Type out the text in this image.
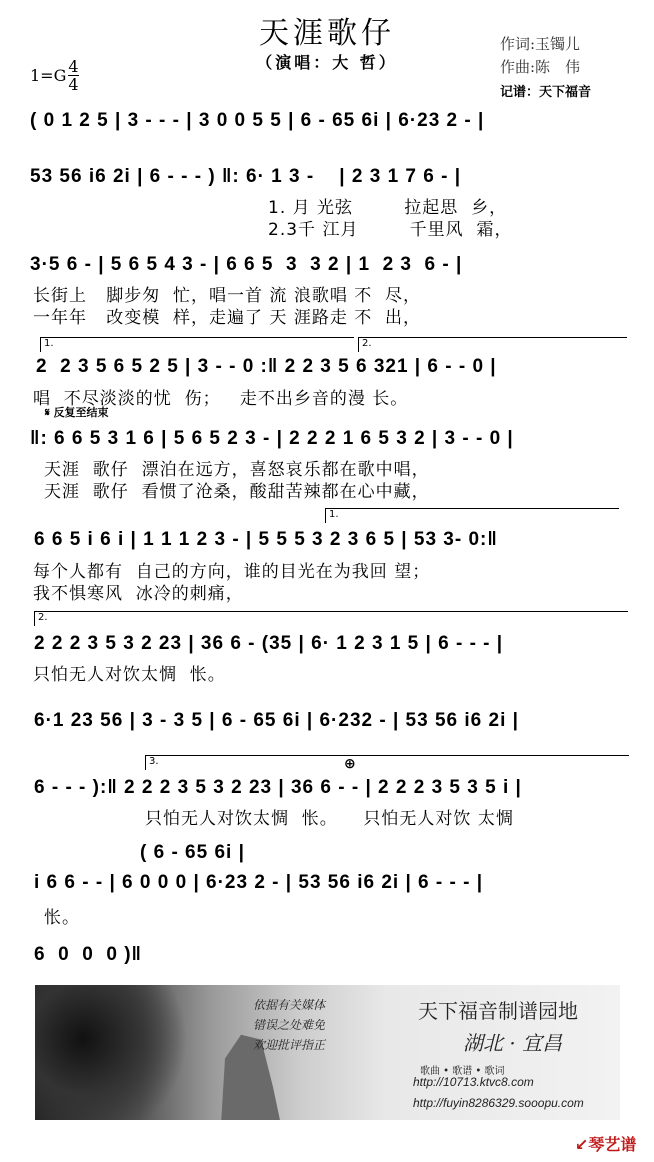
天涯歌仔
（演唱：大 哲）
作词:玉镯儿
作曲:陈　伟
记谱：天下福音
$1=G \frac{4}{4}$
( 0 1 2 5 | 3 - - - | 3 0 0 5 5 | 6 - 65 6i | 6·23 2 - |
53 56 i6 2i | 6 - - - ) ‖: 6· 1 3 -    | 2 3 1 7 6 - |
1. 月 光弦        拉起思  乡，
2.3千 江月        千里风  霜，
3·5 6 - | 5 6 5 4 3 - | 6 6 5  3  3 2 | 1  2 3  6 - |
长街上   脚步匆  忙，唱一首 流 浪歌唱 不  尽，
一年年   改变模  样，走遍了 天 涯路走 不  出，
1.	2.
2  2 3 5 6 5 2 5 | 3 - - 0 :‖ 2 2 3 5 6 321 | 6 - - 0 |
唱  不尽淡淡的忧  伤；   走不出乡音的漫 长。
𝄋 反复至结束
‖: 6 6 5 3 1 6 | 5 6 5 2 3 - | 2 2 2 1 6 5 3 2 | 3 - - 0 |
天涯  歌仔  漂泊在远方，喜怒哀乐都在歌中唱，
天涯  歌仔  看惯了沧桑，酸甜苦辣都在心中藏，
1.
6 6 5 i 6 i | 1 1 1 2 3 - | 5 5 5 3 2 3 6 5 | 53 3- 0:‖
每个人都有  自己的方向，谁的目光在为我回 望；
我不惧寒风  冰冷的刺痛，
2.
2 2 2 3 5 3 2 23 | 36 6 - (35 | 6· 1 2 3 1 5 | 6 - - - |
只怕无人对饮太惆  怅。
6·1 23 56 | 3 - 3 5 | 6 - 65 6i | 6·232 - | 53 56 i6 2i |
3.	⊕
6 - - - ):‖ 2 2 2 3 5 3 2 23 | 36 6 - - | 2 2 2 3 5 3 5 i |
只怕无人对饮太惆  怅。    只怕无人对饮 太惆
( 6 - 65 6i |
i 6 6 - - | 6 0 0 0 | 6·23 2 - | 53 56 i6 2i | 6 - - - |
怅。
6  0  0  0 )‖
依据有关媒体
错误之处难免
欢迎批评指正
天下福音制谱园地
湖北 · 宜昌
歌曲 • 歌谱 • 歌词
http://10713.ktvc8.com
http://fuyin8286329.sooopu.com
↙琴艺谱
